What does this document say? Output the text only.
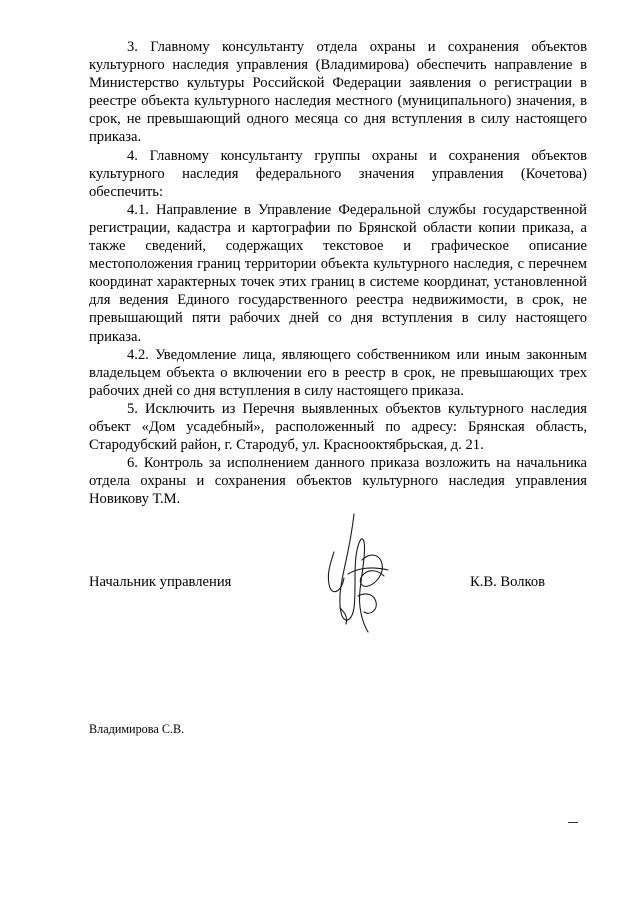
3. Главному консультанту отдела охраны и сохранения объектов культурного наследия управления (Владимирова) обеспечить направление в Министерство культуры Российской Федерации заявления о регистрации в реестре объекта культурного наследия местного (муниципального) значения, в срок, не превышающий одного месяца со дня вступления в силу настоящего приказа.

4. Главному консультанту группы охраны и сохранения объектов культурного наследия федерального значения управления (Кочетова) обеспечить:

4.1. Направление в Управление Федеральной службы государственной регистрации, кадастра и картографии по Брянской области копии приказа, а также сведений, содержащих текстовое и графическое описание местоположения границ территории объекта культурного наследия, с перечнем координат характерных точек этих границ в системе координат, установленной для ведения Единого государственного реестра недвижимости, в срок, не превышающий пяти рабочих дней со дня вступления в силу настоящего приказа.

4.2. Уведомление лица, являющего собственником или иным законным владельцем объекта о включении его в реестр в срок, не превышающих трех рабочих дней со дня вступления в силу настоящего приказа.

5. Исключить из Перечня выявленных объектов культурного наследия объект «Дом усадебный», расположенный по адресу: Брянская область, Стародубский район, г. Стародуб, ул. Краснооктябрьская, д. 21.

6. Контроль за исполнением данного приказа возложить на начальника отдела охраны и сохранения объектов культурного наследия управления Новикову Т.М.

Начальник управления	К.В. Волков
Владимирова С.В.
